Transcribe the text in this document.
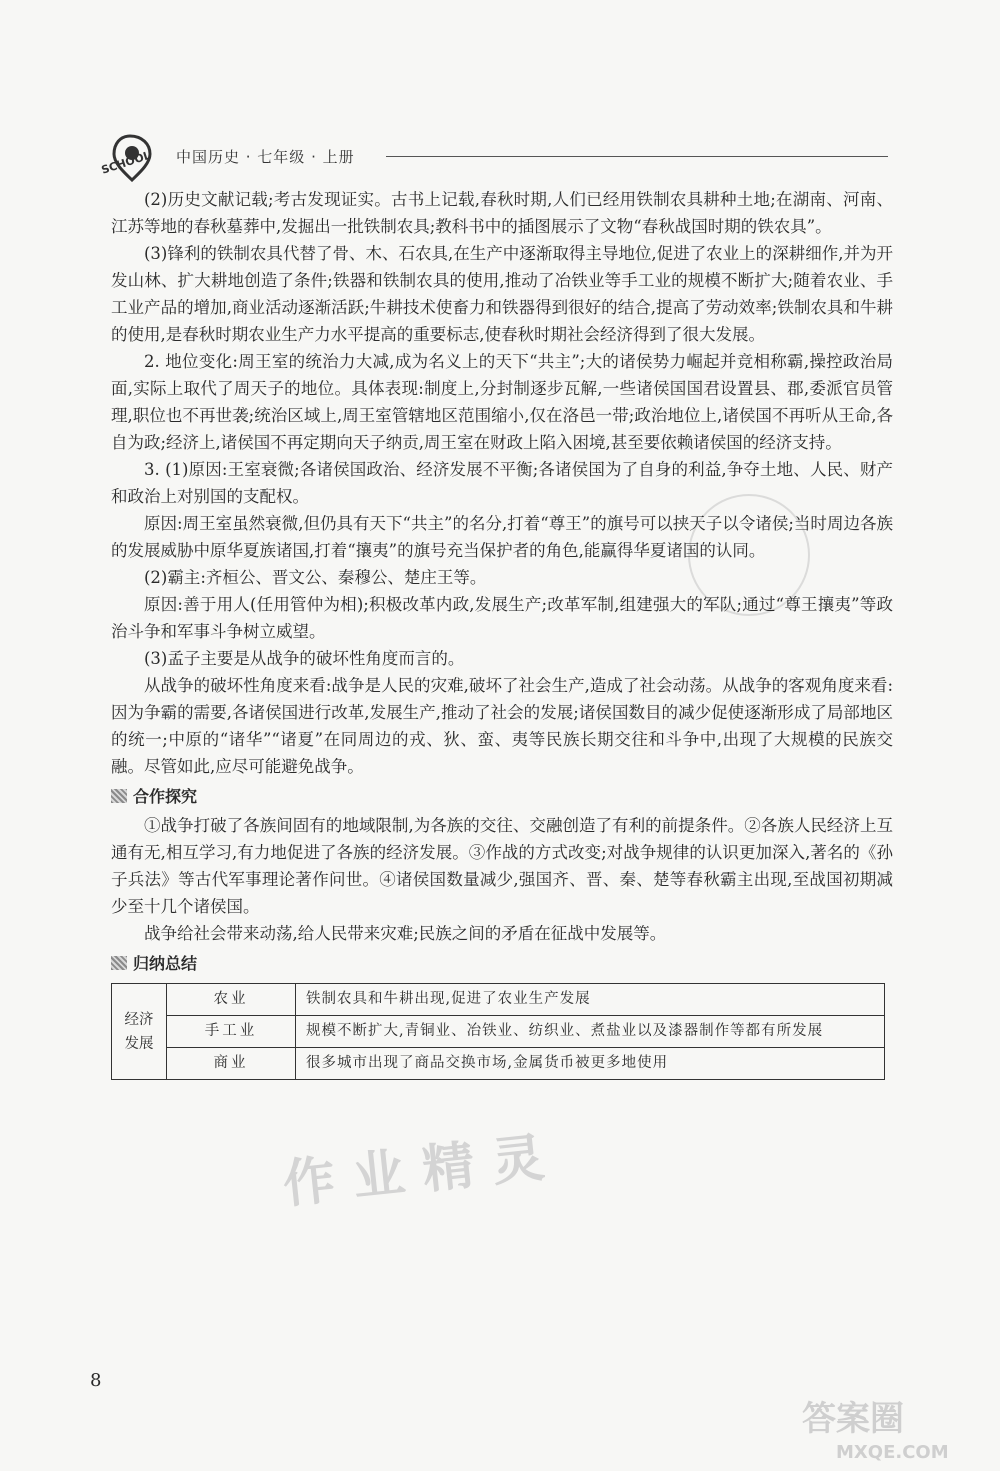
SCHOOL 中国历史 · 七年级 · 上册

(2)历史文献记载;考古发现证实。古书上记载,春秋时期,人们已经用铁制农具耕种土地;在湖南、河南、江苏等地的春秋墓葬中,发掘出一批铁制农具;教科书中的插图展示了文物“春秋战国时期的铁农具”。

(3)锋利的铁制农具代替了骨、木、石农具,在生产中逐渐取得主导地位,促进了农业上的深耕细作,并为开发山林、扩大耕地创造了条件;铁器和铁制农具的使用,推动了冶铁业等手工业的规模不断扩大;随着农业、手工业产品的增加,商业活动逐渐活跃;牛耕技术使畜力和铁器得到很好的结合,提高了劳动效率;铁制农具和牛耕的使用,是春秋时期农业生产力水平提高的重要标志,使春秋时期社会经济得到了很大发展。

2. 地位变化:周王室的统治力大减,成为名义上的天下“共主”;大的诸侯势力崛起并竞相称霸,操控政治局面,实际上取代了周天子的地位。具体表现:制度上,分封制逐步瓦解,一些诸侯国国君设置县、郡,委派官员管理,职位也不再世袭;统治区域上,周王室管辖地区范围缩小,仅在洛邑一带;政治地位上,诸侯国不再听从王命,各自为政;经济上,诸侯国不再定期向天子纳贡,周王室在财政上陷入困境,甚至要依赖诸侯国的经济支持。

3. (1)原因:王室衰微;各诸侯国政治、经济发展不平衡;各诸侯国为了自身的利益,争夺土地、人民、财产和政治上对别国的支配权。

原因:周王室虽然衰微,但仍具有天下“共主”的名分,打着“尊王”的旗号可以挟天子以令诸侯;当时周边各族的发展威胁中原华夏族诸国,打着“攘夷”的旗号充当保护者的角色,能赢得华夏诸国的认同。

(2)霸主:齐桓公、晋文公、秦穆公、楚庄王等。

原因:善于用人(任用管仲为相);积极改革内政,发展生产;改革军制,组建强大的军队;通过“尊王攘夷”等政治斗争和军事斗争树立威望。

(3)孟子主要是从战争的破坏性角度而言的。

从战争的破坏性角度来看:战争是人民的灾难,破坏了社会生产,造成了社会动荡。从战争的客观角度来看:因为争霸的需要,各诸侯国进行改革,发展生产,推动了社会的发展;诸侯国数目的减少促使逐渐形成了局部地区的统一;中原的“诸华”“诸夏”在同周边的戎、狄、蛮、夷等民族长期交往和斗争中,出现了大规模的民族交融。尽管如此,应尽可能避免战争。

合作探究

①战争打破了各族间固有的地域限制,为各族的交往、交融创造了有利的前提条件。②各族人民经济上互通有无,相互学习,有力地促进了各族的经济发展。③作战的方式改变;对战争规律的认识更加深入,著名的《孙子兵法》等古代军事理论著作问世。④诸侯国数量减少,强国齐、晋、秦、楚等春秋霸主出现,至战国初期减少至十几个诸侯国。

战争给社会带来动荡,给人民带来灾难;民族之间的矛盾在征战中发展等。

归纳总结
经济发展	农业	铁制农具和牛耕出现,促进了农业生产发展
	手工业	规模不断扩大,青铜业、冶铁业、纺织业、煮盐业以及漆器制作等都有所发展
	商业	很多城市出现了商品交换市场,金属货币被更多地使用
作业精灵
8
答案圈
MXQE.COM
